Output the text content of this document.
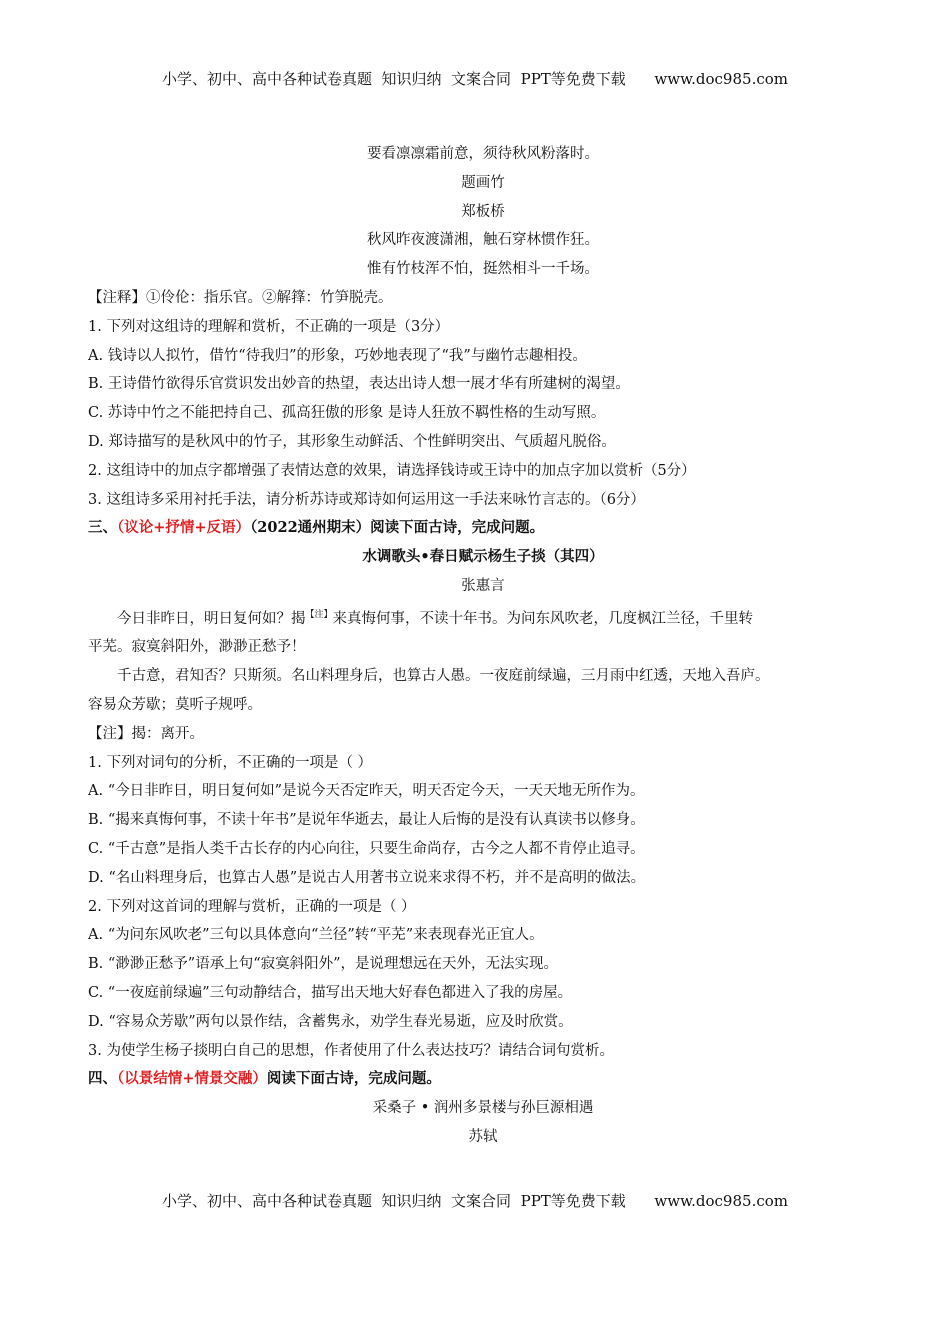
小学、初中、高中各种试卷真题  知识归纳  文案合同  PPT等免费下载      www.doc985.com
要看凛凛霜前意，须待秋风粉落时。
题画竹
郑板桥
秋风昨夜渡潇湘，触石穿林惯作狂。
惟有竹枝浑不怕，挺然相斗一千场。
【注释】①伶伦：指乐官。②解箨：竹笋脱壳。
1. 下列对这组诗的理解和赏析，不正确的一项是（3分）
A. 钱诗以人拟竹，借竹“待我归”的形象，巧妙地表现了“我”与幽竹志趣相投。
B. 王诗借竹欲得乐官赏识发出妙音的热望，表达出诗人想一展才华有所建树的渴望。
C. 苏诗中竹之不能把持自己、孤高狂傲的形象 是诗人狂放不羁性格的生动写照。
D. 郑诗描写的是秋风中的竹子，其形象生动鲜活、个性鲜明突出、气质超凡脱俗。
2. 这组诗中的加点字都增强了表情达意的效果，请选择钱诗或王诗中的加点字加以赏析（5分）
3. 这组诗多采用衬托手法，请分析苏诗或郑诗如何运用这一手法来咏竹言志的。（6分）
三、（议论+抒情+反语）（2022通州期末）阅读下面古诗，完成问题。
水调歌头•春日赋示杨生子掞（其四）
张惠言
今日非昨日，明日复何如？揭$^{【注】}$来真悔何事，不读十年书。为问东风吹老，几度枫江兰径，千里转
平芜。寂寞斜阳外，渺渺正愁予！
千古意，君知否？只斯须。名山料理身后，也算古人愚。一夜庭前绿遍，三月雨中红透，天地入吾庐。
容易众芳歇；莫听子规呼。
【注】揭：离开。
1. 下列对词句的分析，不 .正 .确 .的一项是（ ）
A. “今日非昨日，明日复何如”是说今天否定昨天，明天否定今天，一天天地无所作为。
B. “揭来真悔何事，不读十年书”是说年华逝去，最让人后悔的是没有认真读书以修身。
C. “千古意”是指人类千古长存的内心向往，只要生命尚存，古今之人都不肯停止追寻。
D. “名山料理身后，也算古人愚”是说古人用著书立说来求得不朽，并不是高明的做法。
2. 下列对这首词的理解与赏析，正确的一项是（ ）
A. “为问东风吹老”三句以具体意向“兰径”转“平芜”来表现春光正宜人。
B. “渺渺正愁予”语承上句“寂寞斜阳外”，是说理想远在天外，无法实现。
C. “一夜庭前绿遍”三句动静结合，描写出天地大好春色都进入了我的房屋。
D. “容易众芳歇”两句以景作结，含蓄隽永，劝学生春光易逝，应及时欣赏。
3. 为使学生杨子掞明白自己的思想，作者使用了什么表达技巧？请结合词句赏析。
四、（以景结情+情景交融）阅读下面古诗，完成问题。
采桑子 • 润州多景楼与孙巨源相遇
苏轼
小学、初中、高中各种试卷真题  知识归纳  文案合同  PPT等免费下载      www.doc985.com
